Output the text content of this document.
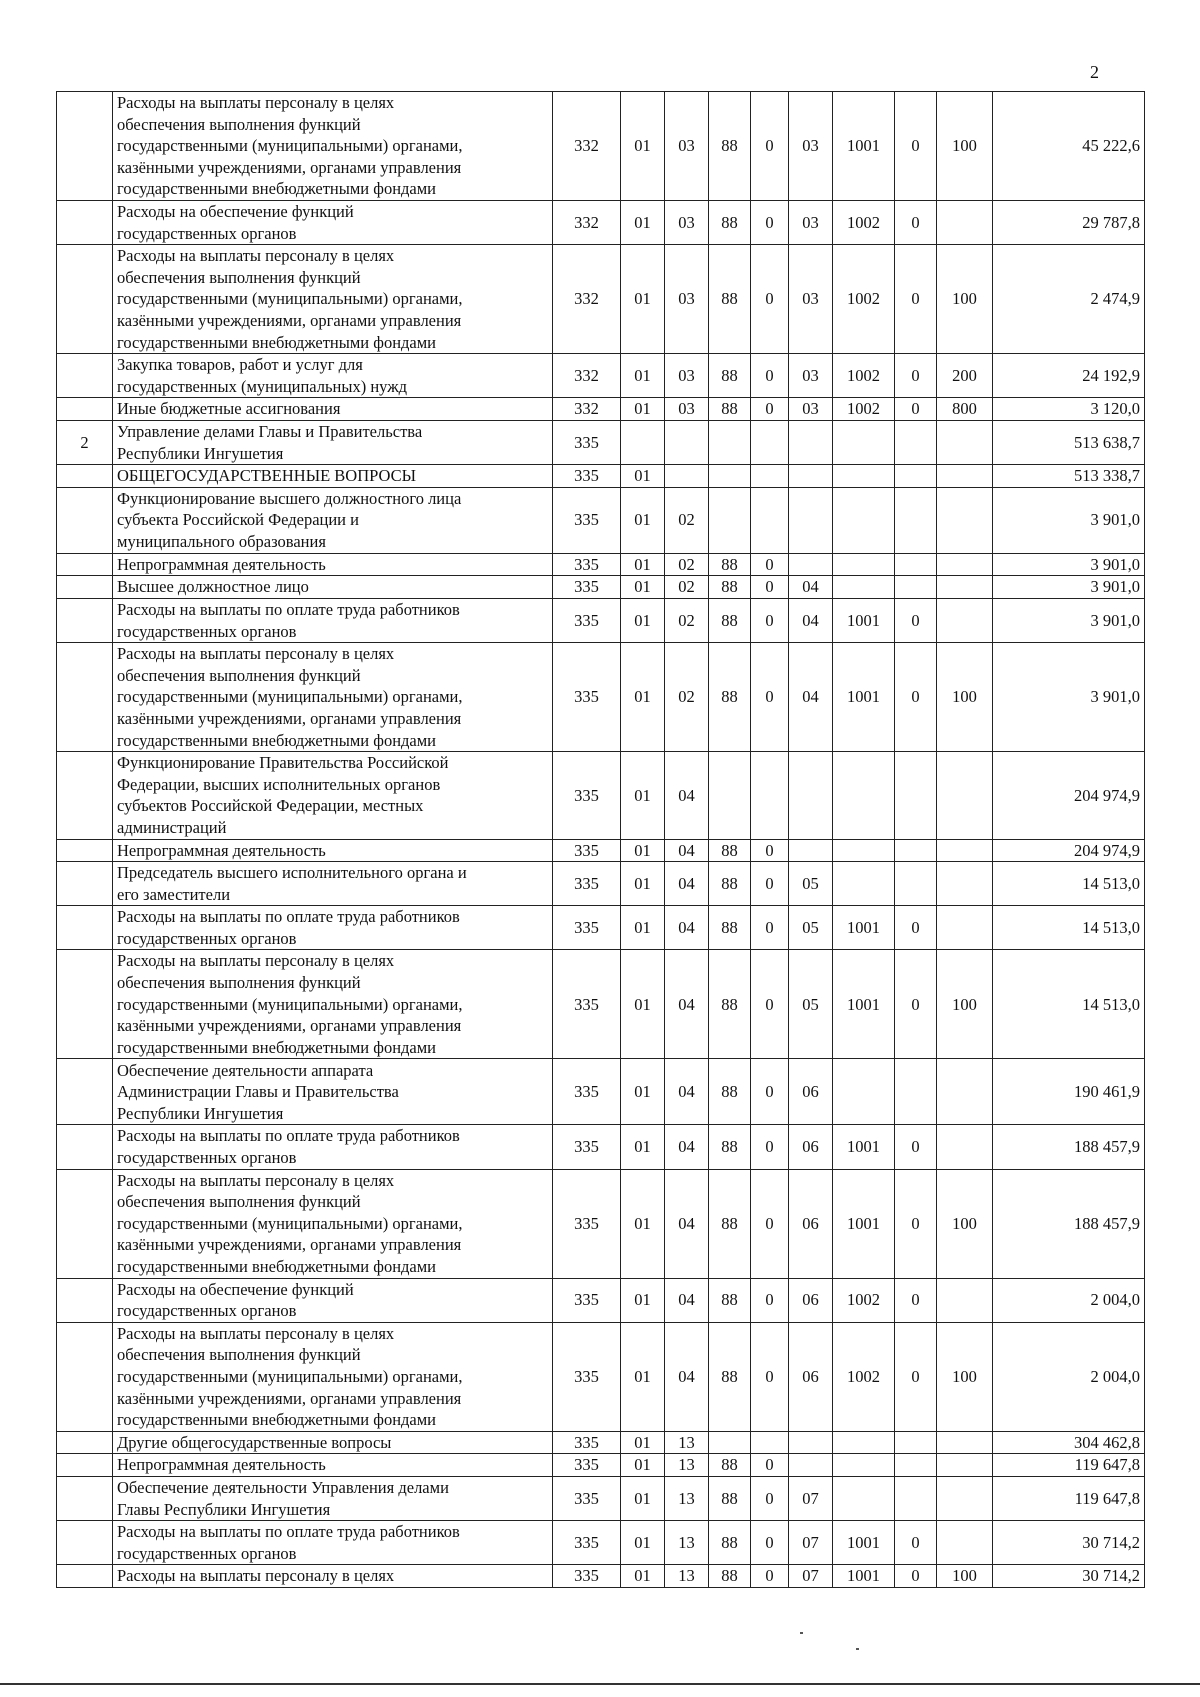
2
	Расходы на выплаты персоналу в целях
обеспечения выполнения функций
государственными (муниципальными) органами,
казёнными учреждениями, органами управления
государственными внебюджетными фондами	332	01	03	88	0	03	1001	0	100	45 222,6
	Расходы на обеспечение функций
государственных органов	332	01	03	88	0	03	1002	0		29 787,8
	Расходы на выплаты персоналу в целях
обеспечения выполнения функций
государственными (муниципальными) органами,
казёнными учреждениями, органами управления
государственными внебюджетными фондами	332	01	03	88	0	03	1002	0	100	2 474,9
	Закупка товаров, работ и услуг для
государственных (муниципальных) нужд	332	01	03	88	0	03	1002	0	200	24 192,9
	Иные бюджетные ассигнования	332	01	03	88	0	03	1002	0	800	3 120,0
2	Управление делами Главы и Правительства
Республики Ингушетия	335									513 638,7
	ОБЩЕГОСУДАРСТВЕННЫЕ ВОПРОСЫ	335	01								513 338,7
	Функционирование высшего должностного лица
субъекта Российской Федерации и
муниципального образования	335	01	02							3 901,0
	Непрограммная деятельность	335	01	02	88	0					3 901,0
	Высшее должностное лицо	335	01	02	88	0	04				3 901,0
	Расходы на выплаты по оплате труда работников
государственных органов	335	01	02	88	0	04	1001	0		3 901,0
	Расходы на выплаты персоналу в целях
обеспечения выполнения функций
государственными (муниципальными) органами,
казёнными учреждениями, органами управления
государственными внебюджетными фондами	335	01	02	88	0	04	1001	0	100	3 901,0
	Функционирование Правительства Российской
Федерации, высших исполнительных органов
субъектов Российской Федерации, местных
администраций	335	01	04							204 974,9
	Непрограммная деятельность	335	01	04	88	0					204 974,9
	Председатель высшего исполнительного органа и
его заместители	335	01	04	88	0	05				14 513,0
	Расходы на выплаты по оплате труда работников
государственных органов	335	01	04	88	0	05	1001	0		14 513,0
	Расходы на выплаты персоналу в целях
обеспечения выполнения функций
государственными (муниципальными) органами,
казёнными учреждениями, органами управления
государственными внебюджетными фондами	335	01	04	88	0	05	1001	0	100	14 513,0
	Обеспечение деятельности аппарата
Администрации Главы и Правительства
Республики Ингушетия	335	01	04	88	0	06				190 461,9
	Расходы на выплаты по оплате труда работников
государственных органов	335	01	04	88	0	06	1001	0		188 457,9
	Расходы на выплаты персоналу в целях
обеспечения выполнения функций
государственными (муниципальными) органами,
казёнными учреждениями, органами управления
государственными внебюджетными фондами	335	01	04	88	0	06	1001	0	100	188 457,9
	Расходы на обеспечение функций
государственных органов	335	01	04	88	0	06	1002	0		2 004,0
	Расходы на выплаты персоналу в целях
обеспечения выполнения функций
государственными (муниципальными) органами,
казёнными учреждениями, органами управления
государственными внебюджетными фондами	335	01	04	88	0	06	1002	0	100	2 004,0
	Другие общегосударственные вопросы	335	01	13							304 462,8
	Непрограммная деятельность	335	01	13	88	0					119 647,8
	Обеспечение деятельности Управления делами
Главы Республики Ингушетия	335	01	13	88	0	07				119 647,8
	Расходы на выплаты по оплате труда работников
государственных органов	335	01	13	88	0	07	1001	0		30 714,2
	Расходы на выплаты персоналу в целях	335	01	13	88	0	07	1001	0	100	30 714,2
